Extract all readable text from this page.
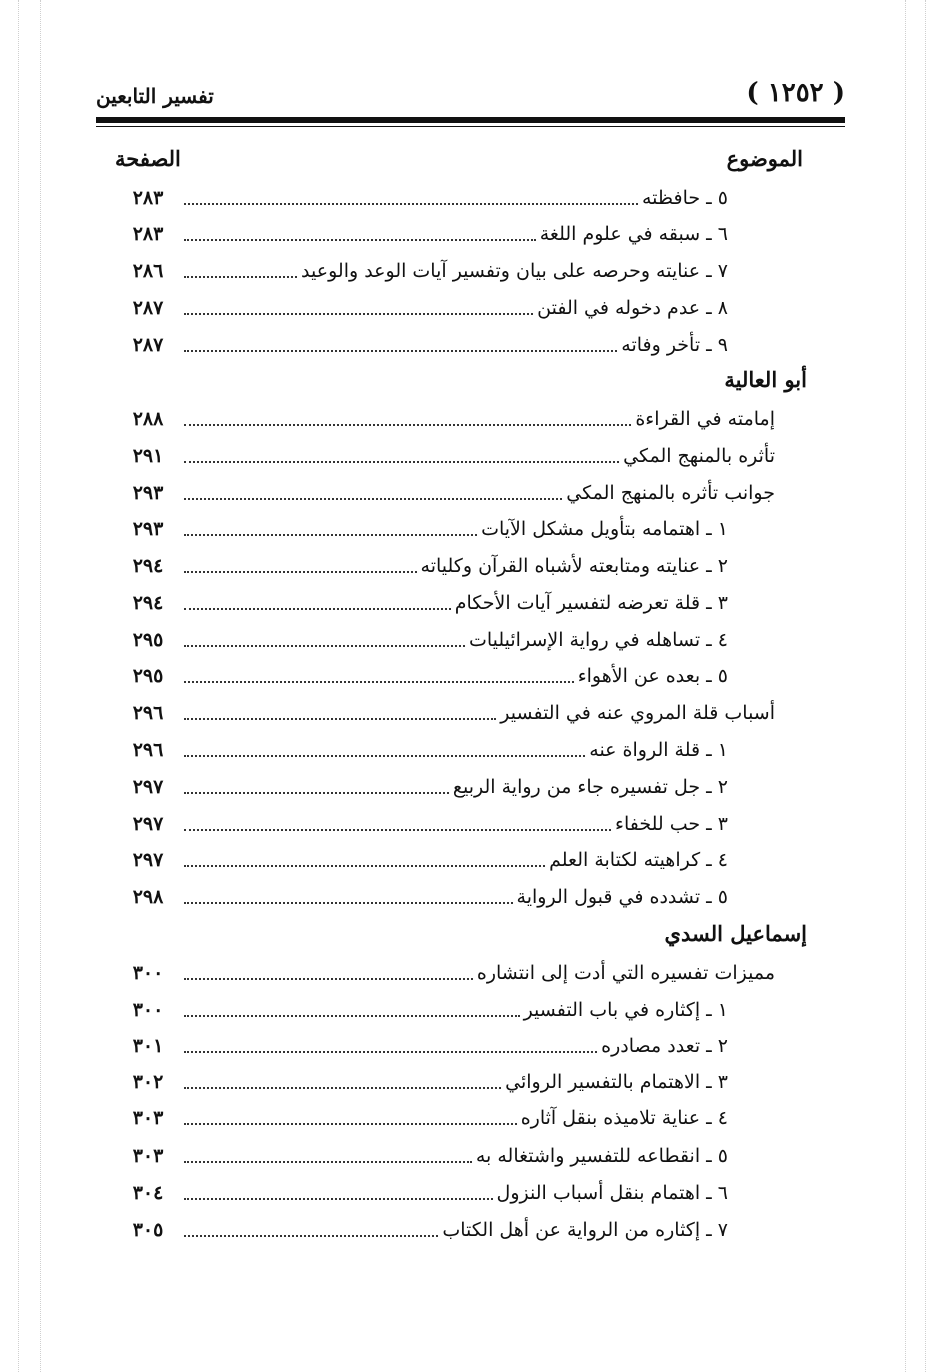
( ١٢٥٢ )
تفسير التابعين
الموضوع
الصفحة
٥ ـ حافظته
٢٨٣
٦ ـ سبقه في علوم اللغة
٢٨٣
٧ ـ عنايته وحرصه على بيان وتفسير آيات الوعد والوعيد
٢٨٦
٨ ـ عدم دخوله في الفتن
٢٨٧
٩ ـ تأخر وفاته
٢٨٧
أبو العالية
إمامته في القراءة
٢٨٨
تأثره بالمنهج المكي
٢٩١
جوانب تأثره بالمنهج المكي
٢٩٣
١ ـ اهتمامه بتأويل مشكل الآيات
٢٩٣
٢ ـ عنايته ومتابعته لأشباه القرآن وكلياته
٢٩٤
٣ ـ قلة تعرضه لتفسير آيات الأحكام
٢٩٤
٤ ـ تساهله في رواية الإسرائيليات
٢٩٥
٥ ـ بعده عن الأهواء
٢٩٥
أسباب قلة المروي عنه في التفسير
٢٩٦
١ ـ قلة الرواة عنه
٢٩٦
٢ ـ جل تفسيره جاء من رواية الربيع
٢٩٧
٣ ـ حب للخفاء
٢٩٧
٤ ـ كراهيته لكتابة العلم
٢٩٧
٥ ـ تشدده في قبول الرواية
٢٩٨
إسماعيل السدي
مميزات تفسيره التي أدت إلى انتشاره
٣٠٠
١ ـ إكثاره في باب التفسير
٣٠٠
٢ ـ تعدد مصادره
٣٠١
٣ ـ الاهتمام بالتفسير الروائي
٣٠٢
٤ ـ عناية تلاميذه بنقل آثاره
٣٠٣
٥ ـ انقطاعه للتفسير واشتغاله به
٣٠٣
٦ ـ اهتمام بنقل أسباب النزول
٣٠٤
٧ ـ إكثاره من الرواية عن أهل الكتاب
٣٠٥
